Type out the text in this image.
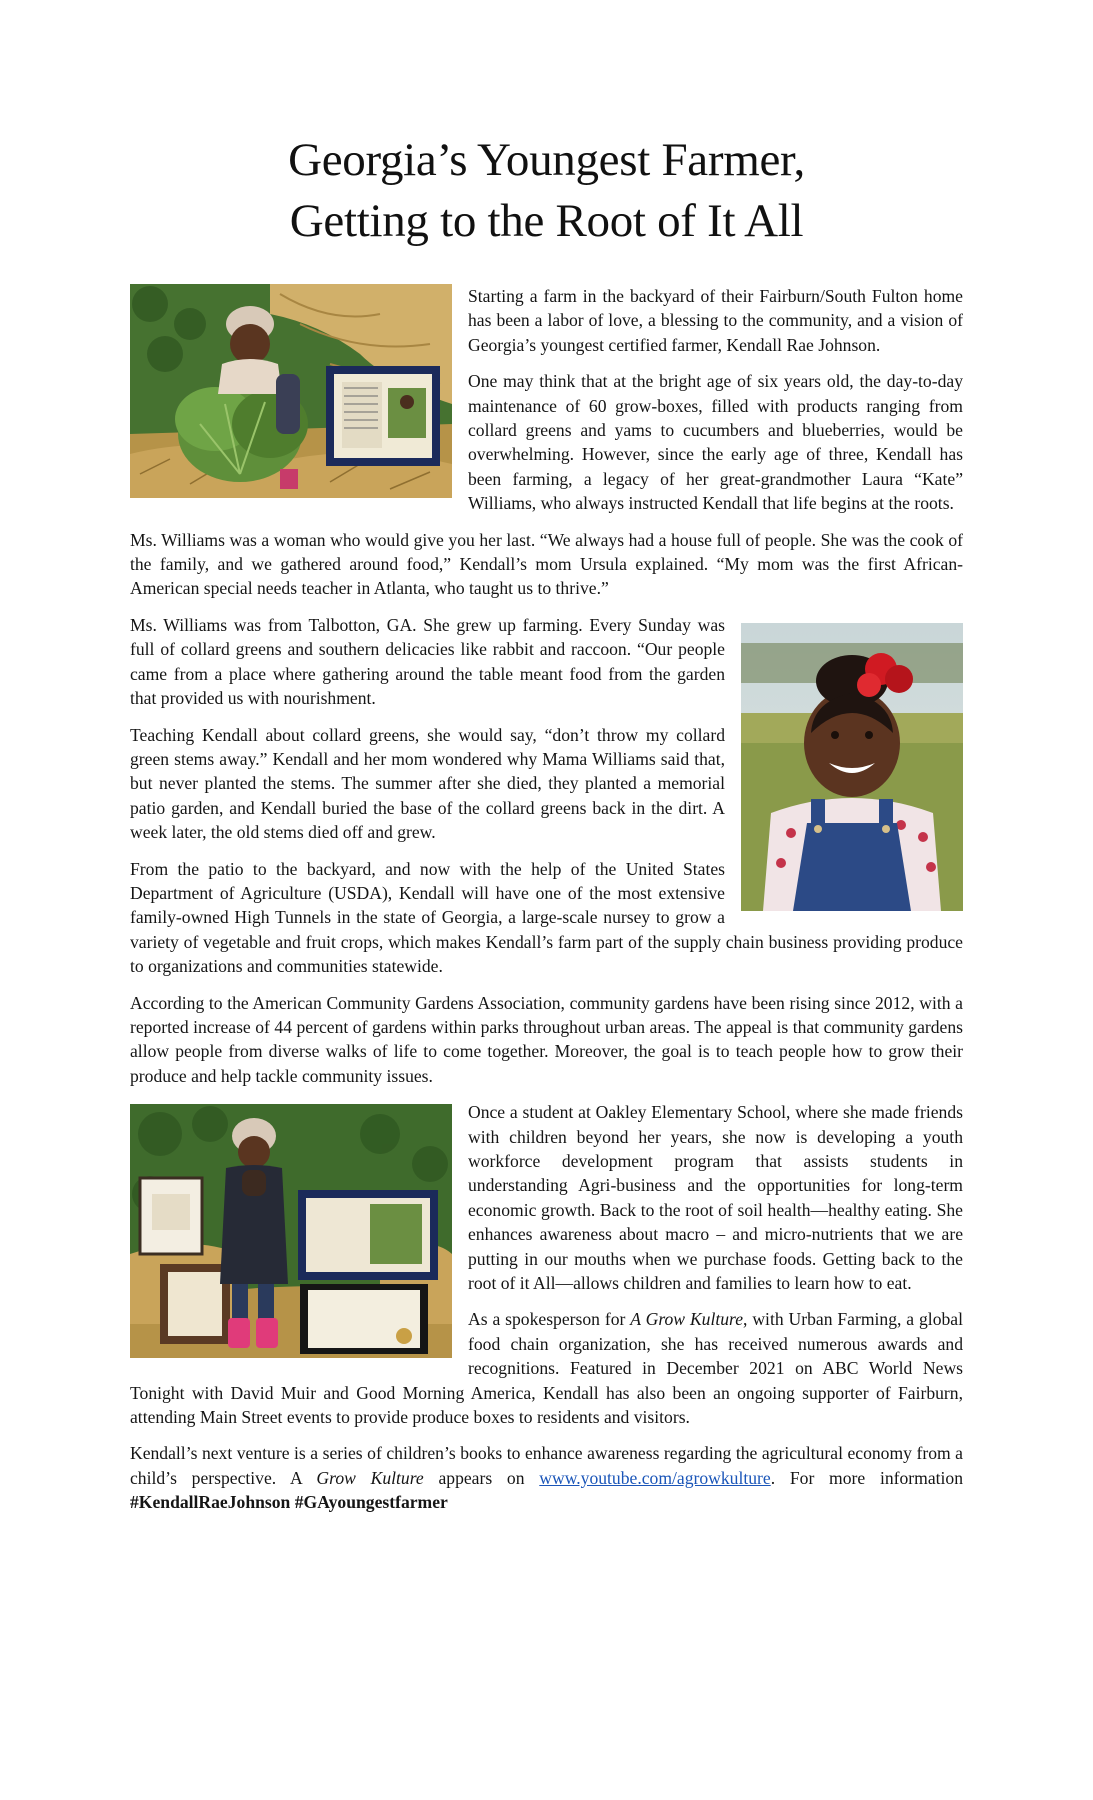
Georgia’s Youngest Farmer,
Getting to the Root of It All

Starting a farm in the backyard of their Fairburn/South Fulton home has been a labor of love, a blessing to the community, and a vision of Georgia’s youngest certified farmer, Kendall Rae Johnson.

One may think that at the bright age of six years old, the day-to-day maintenance of 60 grow-boxes, filled with products ranging from collard greens and yams to cucumbers and blueberries, would be overwhelming. However, since the early age of three, Kendall has been farming, a legacy of her great-grandmother Laura “Kate” Williams, who always instructed Kendall that life begins at the roots.

Ms. Williams was a woman who would give you her last. “We always had a house full of people. She was the cook of the family, and we gathered around food,” Kendall’s mom Ursula explained. “My mom was the first African-American special needs teacher in Atlanta, who taught us to thrive.”

Ms. Williams was from Talbotton, GA. She grew up farming. Every Sunday was full of collard greens and southern delicacies like rabbit and raccoon. “Our people came from a place where gathering around the table meant food from the garden that provided us with nourishment.

Teaching Kendall about collard greens, she would say, “don’t throw my collard green stems away.” Kendall and her mom wondered why Mama Williams said that, but never planted the stems. The summer after she died, they planted a memorial patio garden, and Kendall buried the base of the collard greens back in the dirt. A week later, the old stems died off and grew.

From the patio to the backyard, and now with the help of the United States Department of Agriculture (USDA), Kendall will have one of the most extensive family-owned High Tunnels in the state of Georgia, a large-scale nursey to grow a variety of vegetable and fruit crops, which makes Kendall’s farm part of the supply chain business providing produce to organizations and communities statewide.

According to the American Community Gardens Association, community gardens have been rising since 2012, with a reported increase of 44 percent of gardens within parks throughout urban areas. The appeal is that community gardens allow people from diverse walks of life to come together. Moreover, the goal is to teach people how to grow their produce and help tackle community issues.

Once a student at Oakley Elementary School, where she made friends with children beyond her years, she now is developing a youth workforce development program that assists students in understanding Agri-business and the opportunities for long-term economic growth. Back to the root of soil health—healthy eating. She enhances awareness about macro – and micro-nutrients that we are putting in our mouths when we purchase foods. Getting back to the root of it All—allows children and families to learn how to eat.

As a spokesperson for A Grow Kulture, with Urban Farming, a global food chain organization, she has received numerous awards and recognitions. Featured in December 2021 on ABC World News Tonight with David Muir and Good Morning America, Kendall has also been an ongoing supporter of Fairburn, attending Main Street events to provide produce boxes to residents and visitors.

Kendall’s next venture is a series of children’s books to enhance awareness regarding the agricultural economy from a child’s perspective. A Grow Kulture appears on www.youtube.com/agrowkulture. For more information #KendallRaeJohnson #GAyoungestfarmer
